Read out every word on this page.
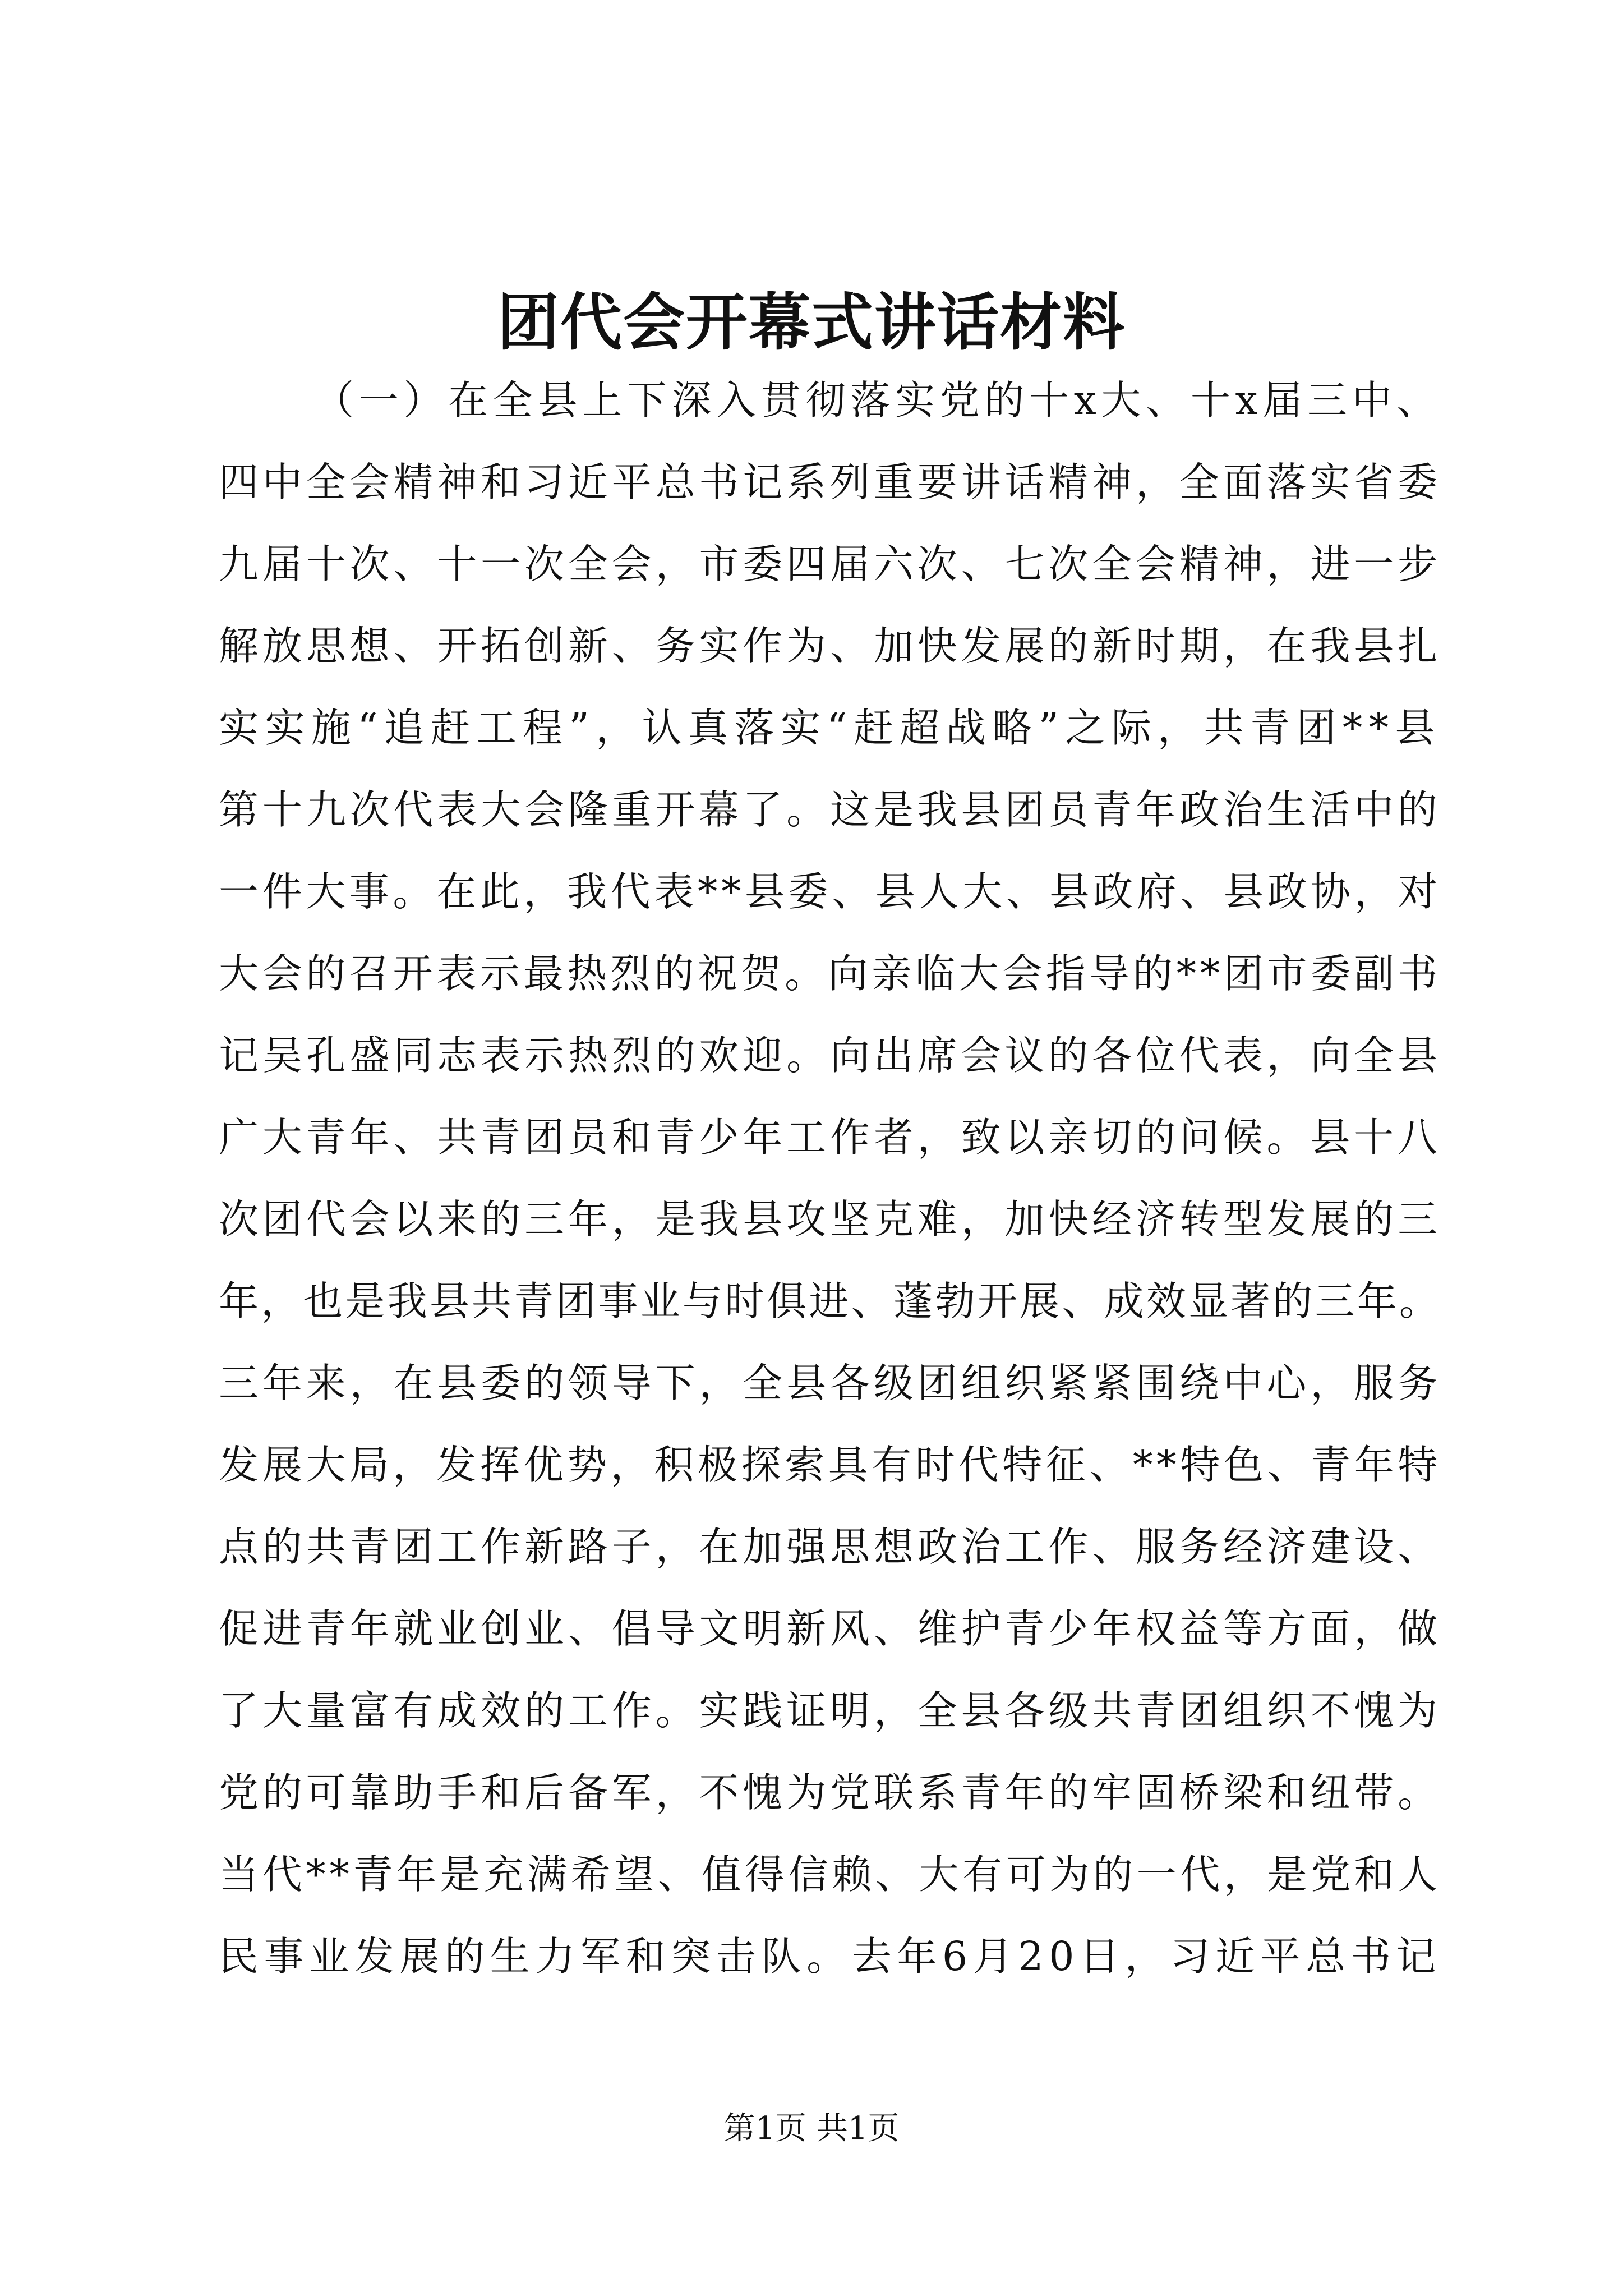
团代会开幕式讲话材料
（一）在全县上下深入贯彻落实党的十x大、十x届三中、
四中全会精神和习近平总书记系列重要讲话精神，全面落实省委
九届十次、十一次全会，市委四届六次、七次全会精神，进一步
解放思想、开拓创新、务实作为、加快发展的新时期，在我县扎
实实施“追赶工程”，认真落实“赶超战略”之际，共青团**县
第十九次代表大会隆重开幕了。这是我县团员青年政治生活中的
一件大事。在此，我代表**县委、县人大、县政府、县政协，对
大会的召开表示最热烈的祝贺。向亲临大会指导的**团市委副书
记吴孔盛同志表示热烈的欢迎。向出席会议的各位代表，向全县
广大青年、共青团员和青少年工作者，致以亲切的问候。县十八
次团代会以来的三年，是我县攻坚克难，加快经济转型发展的三
年，也是我县共青团事业与时俱进、蓬勃开展、成效显著的三年。
三年来，在县委的领导下，全县各级团组织紧紧围绕中心，服务
发展大局，发挥优势，积极探索具有时代特征、**特色、青年特
点的共青团工作新路子，在加强思想政治工作、服务经济建设、
促进青年就业创业、倡导文明新风、维护青少年权益等方面，做
了大量富有成效的工作。实践证明，全县各级共青团组织不愧为
党的可靠助手和后备军，不愧为党联系青年的牢固桥梁和纽带。
当代**青年是充满希望、值得信赖、大有可为的一代，是党和人
民事业发展的生力军和突击队。去年6月20日，习近平总书记
第1页 共1页
